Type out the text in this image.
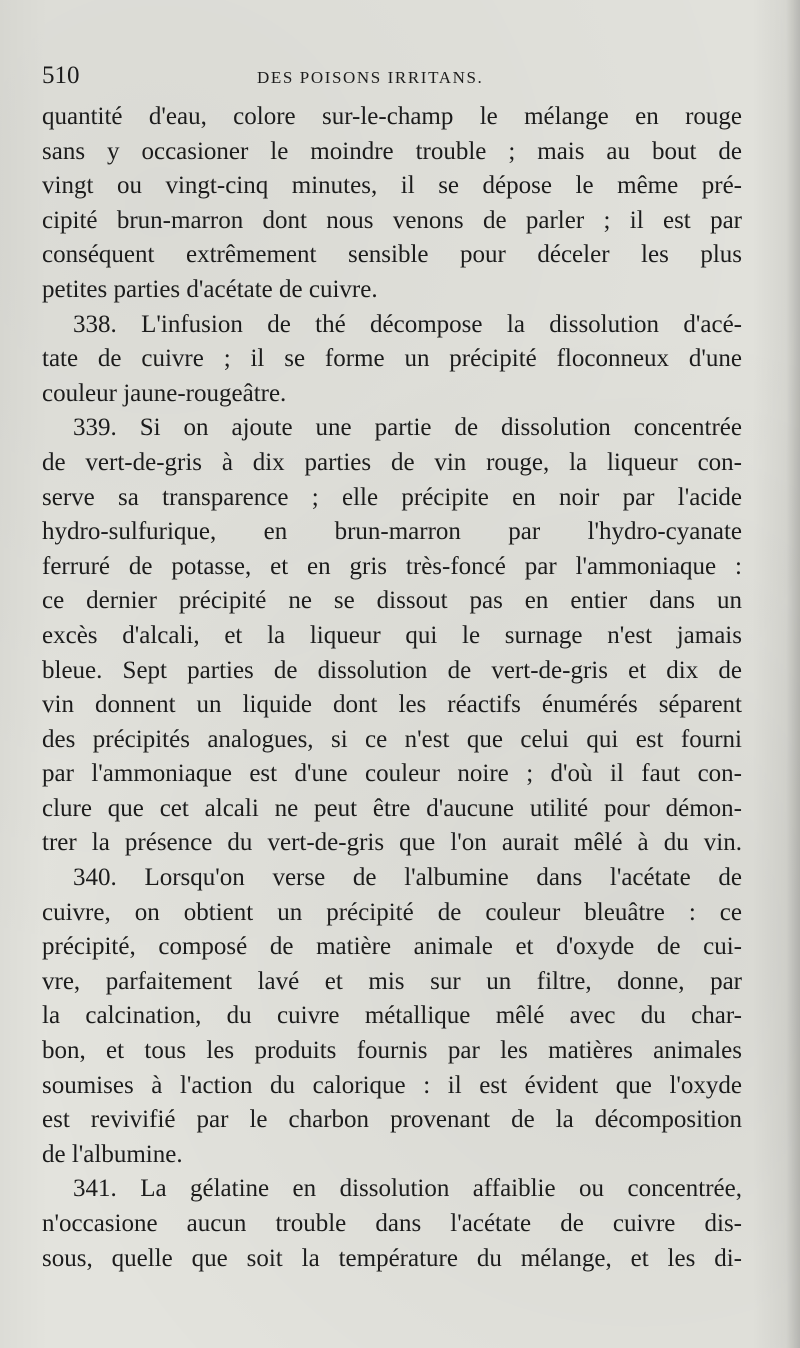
510	DES POISONS IRRITANS.
quantité d'eau, colore sur-le-champ le mélange en rouge
sans y occasioner le moindre trouble ; mais au bout de
vingt ou vingt-cinq minutes, il se dépose le même pré-
cipité brun-marron dont nous venons de parler ; il est par
conséquent extrêmement sensible pour déceler les plus
petites parties d'acétate de cuivre.
338. L'infusion de thé décompose la dissolution d'acé-
tate de cuivre ; il se forme un précipité floconneux d'une
couleur jaune-rougeâtre.
339. Si on ajoute une partie de dissolution concentrée
de vert-de-gris à dix parties de vin rouge, la liqueur con-
serve sa transparence ; elle précipite en noir par l'acide
hydro-sulfurique, en brun-marron par l'hydro-cyanate
ferruré de potasse, et en gris très-foncé par l'ammoniaque :
ce dernier précipité ne se dissout pas en entier dans un
excès d'alcali, et la liqueur qui le surnage n'est jamais
bleue. Sept parties de dissolution de vert-de-gris et dix de
vin donnent un liquide dont les réactifs énumérés séparent
des précipités analogues, si ce n'est que celui qui est fourni
par l'ammoniaque est d'une couleur noire ; d'où il faut con-
clure que cet alcali ne peut être d'aucune utilité pour démon-
trer la présence du vert-de-gris que l'on aurait mêlé à du vin.
340. Lorsqu'on verse de l'albumine dans l'acétate de
cuivre, on obtient un précipité de couleur bleuâtre : ce
précipité, composé de matière animale et d'oxyde de cui-
vre, parfaitement lavé et mis sur un filtre, donne, par
la calcination, du cuivre métallique mêlé avec du char-
bon, et tous les produits fournis par les matières animales
soumises à l'action du calorique : il est évident que l'oxyde
est revivifié par le charbon provenant de la décomposition
de l'albumine.
341. La gélatine en dissolution affaiblie ou concentrée,
n'occasione aucun trouble dans l'acétate de cuivre dis-
sous, quelle que soit la température du mélange, et les di-
